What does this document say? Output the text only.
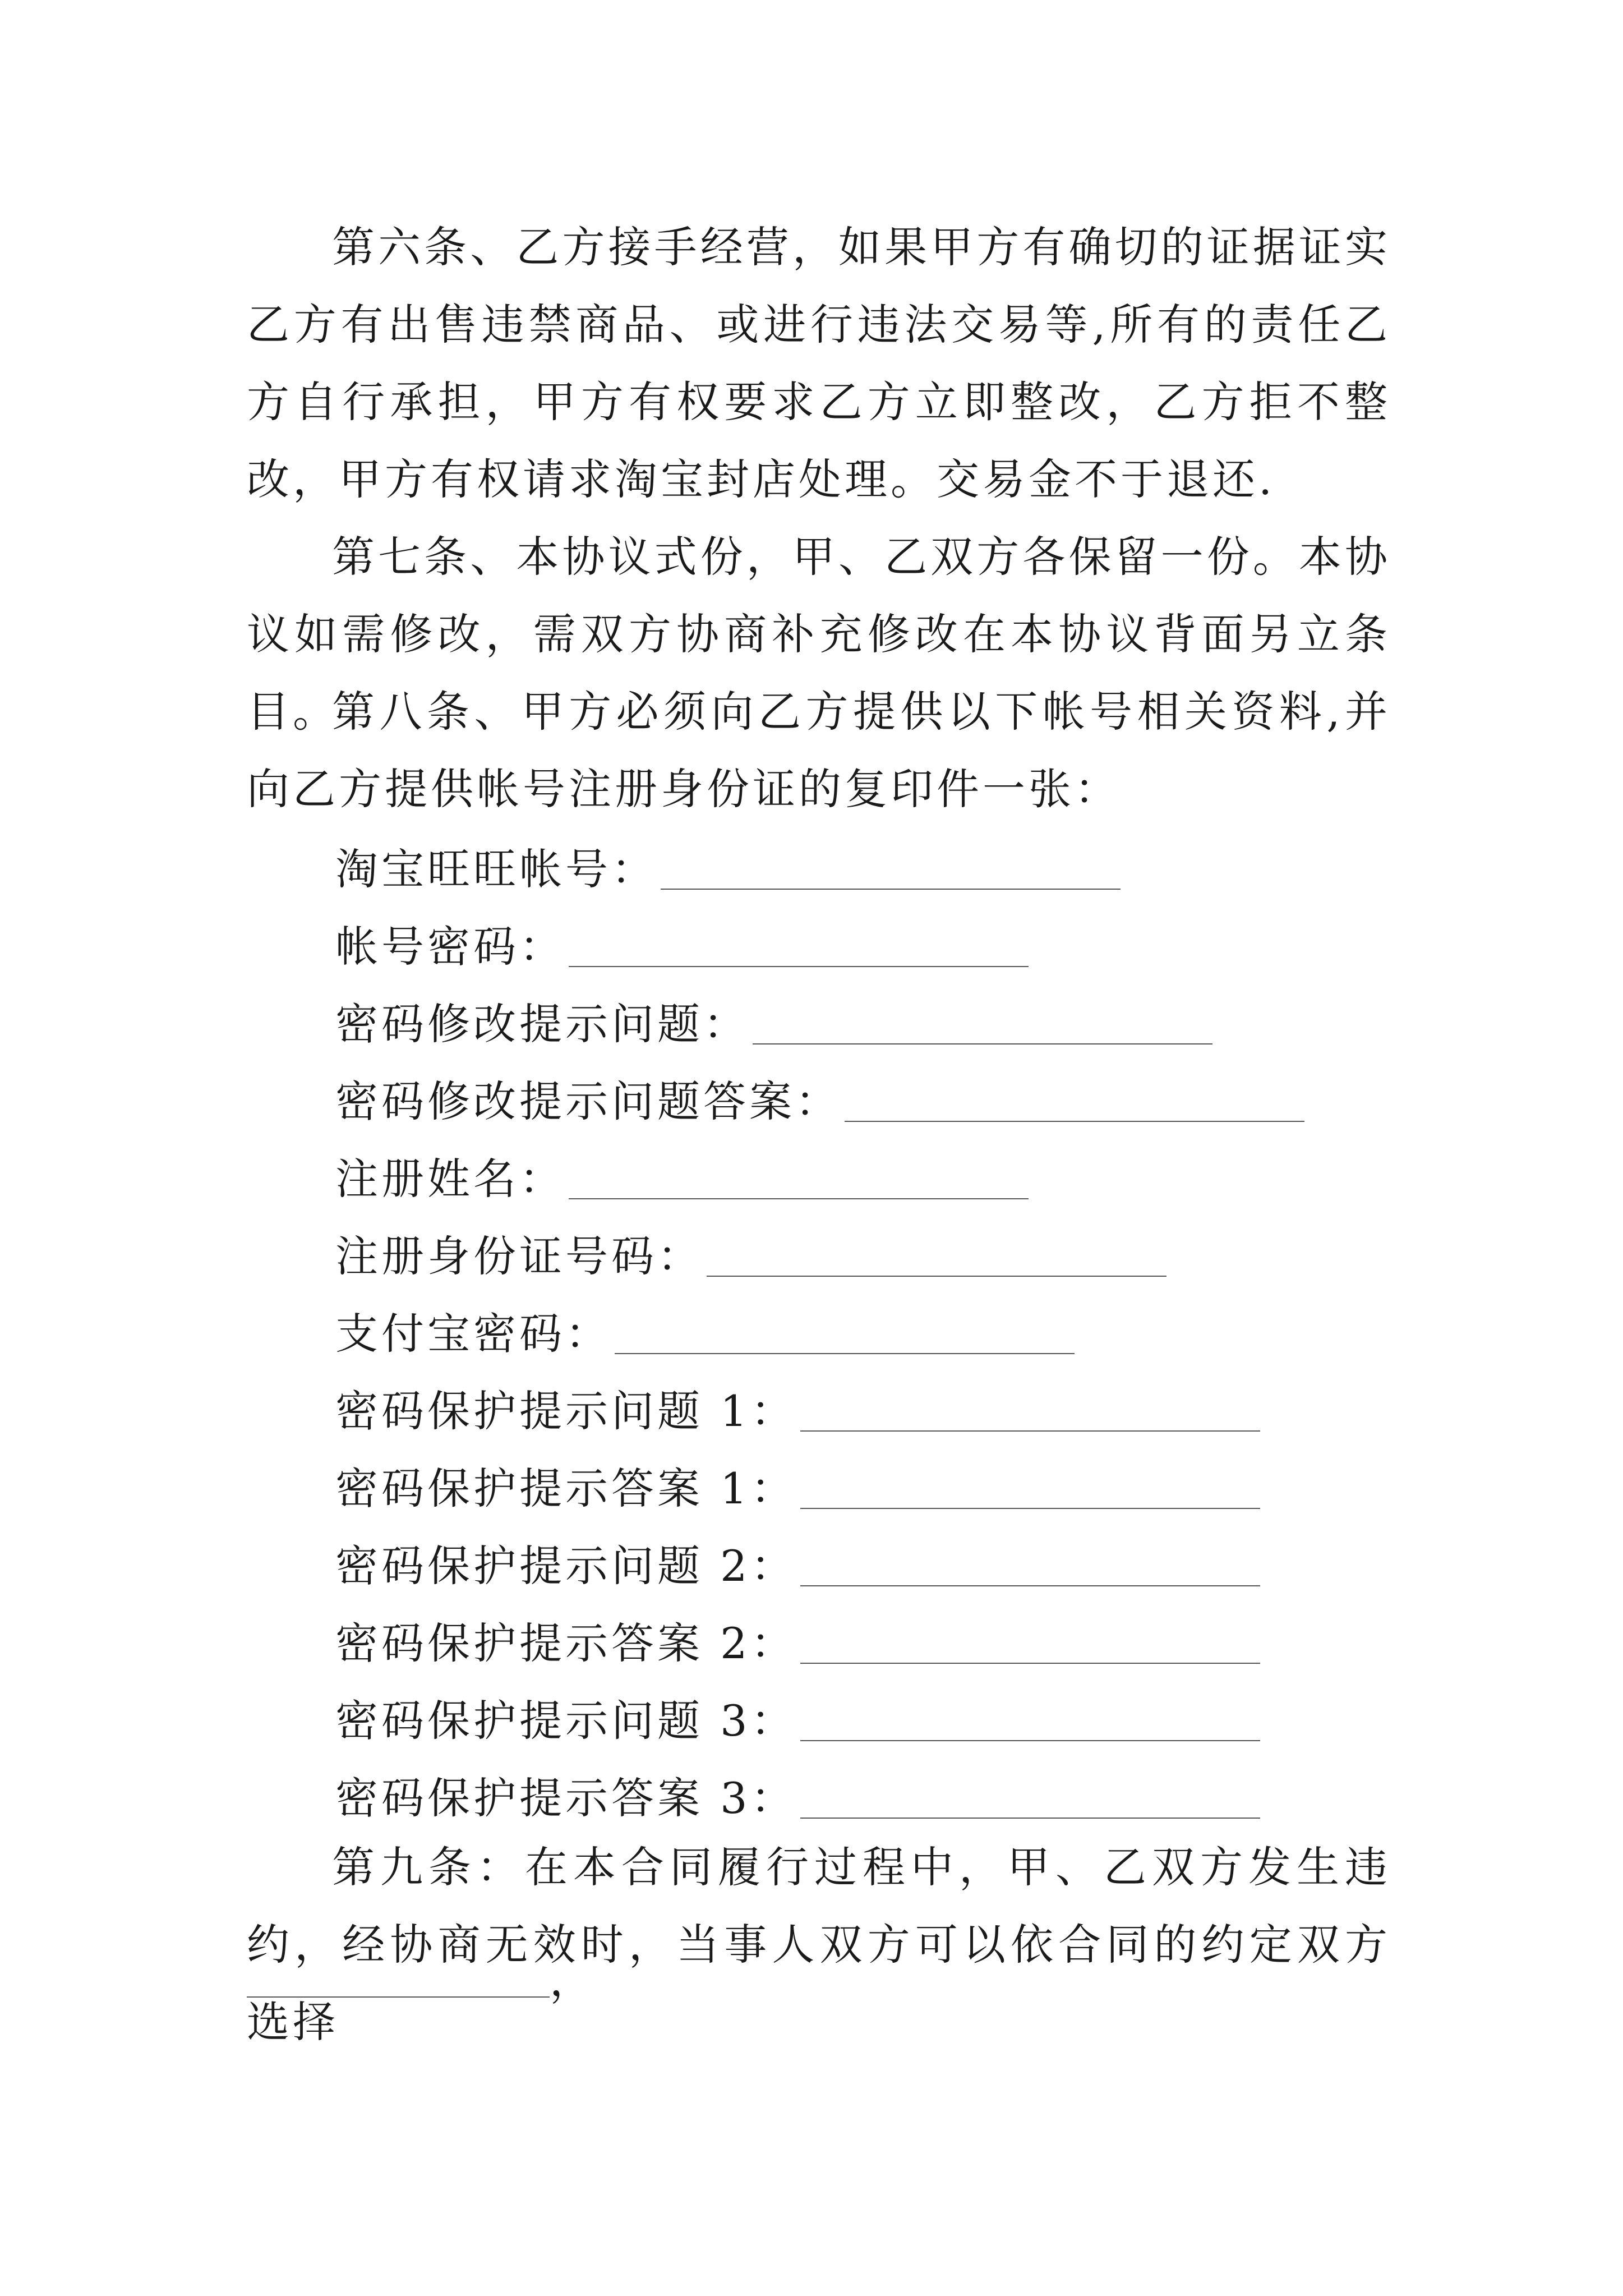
第六条、乙方接手经营，如果甲方有确切的证据证实乙方有出售违禁商品、或进行违法交易等,所有的责任乙方自行承担，甲方有权要求乙方立即整改，乙方拒不整改，甲方有权请求淘宝封店处理。交易金不于退还.

第七条、本协议式份，甲、乙双方各保留一份。本协议如需修改，需双方协商补充修改在本协议背面另立条目。

第八条、甲方必须向乙方提供以下帐号相关资料,并向乙方提供帐号注册身份证的复印件一张：

淘宝旺旺帐号：
帐号密码：
密码修改提示问题：
密码修改提示问题答案：
注册姓名：
注册身份证号码：
支付宝密码：
密码保护提示问题 1：
密码保护提示答案 1：
密码保护提示问题 2：
密码保护提示答案 2：
密码保护提示问题 3：
密码保护提示答案 3：

第九条：在本合同履行过程中，甲、乙双方发生违约，经协商无效时，当事人双方可以依合同的约定双方选择

，
